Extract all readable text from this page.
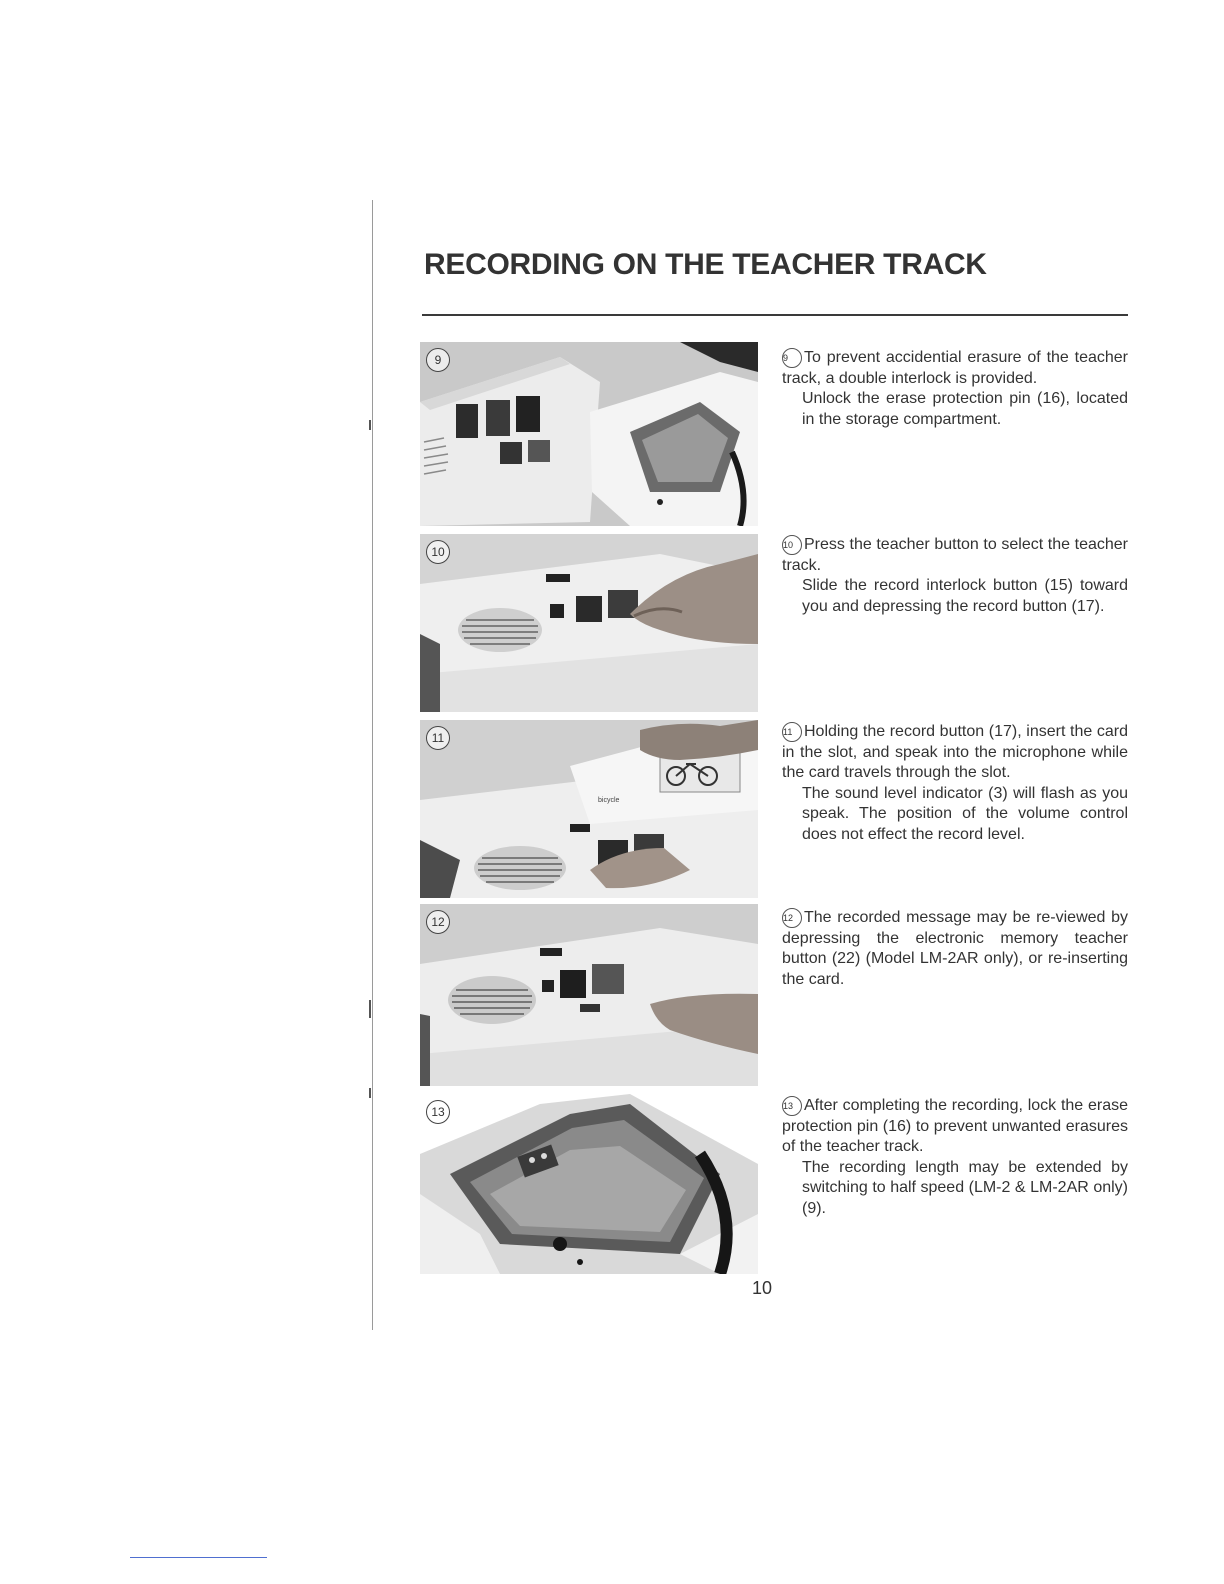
RECORDING ON THE TEACHER TRACK
9
10
bicycle
11
12
13

9 To prevent accidential erasure of the teacher track, a double interlock is provided.

Unlock the erase protection pin (16), located in the storage compartment.

10 Press the teacher button to select the teacher track.

Slide the record interlock button (15) toward you and depressing the record button (17).

11 Holding the record button (17), insert the card in the slot, and speak into the microphone while the card travels through the slot.

The sound level indicator (3) will flash as you speak. The position of the volume control does not effect the record level.

12 The recorded message may be re-viewed by depressing the electronic memory teacher button (22) (Model LM-2AR only), or re-inserting the card.

13 After completing the recording, lock the erase protection pin (16) to prevent unwanted erasures of the teacher track.

The recording length may be extended by switching to half speed (LM-2 & LM-2AR only) (9).

10
